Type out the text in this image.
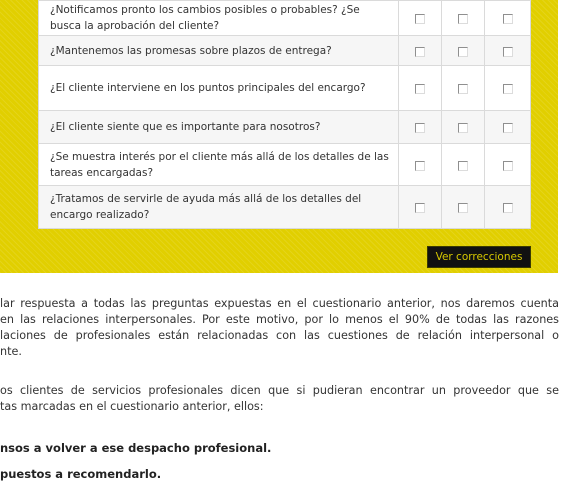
¿Notificamos pronto los cambios posibles o probables? ¿Se busca la aprobación del cliente?			
¿Mantenemos las promesas sobre plazos de entrega?			
¿El cliente interviene en los puntos principales del encargo?			
¿El cliente siente que es importante para nosotros?			
¿Se muestra interés por el cliente más allá de los detalles de las tareas encargadas?			
¿Tratamos de servirle de ayuda más allá de los detalles del encargo realizado?			
Ver correcciones
lar respuesta a todas las preguntas expuestas en el cuestionario anterior, nos daremos cuenta
en las relaciones interpersonales. Por este motivo, por lo menos el 90% de todas las razones
laciones de profesionales están relacionadas con las cuestiones de relación interpersonal o
nte.
os clientes de servicios profesionales dicen que si pudieran encontrar un proveedor que se
tas marcadas en el cuestionario anterior, ellos:
nsos a volver a ese despacho profesional.
puestos a recomendarlo.
